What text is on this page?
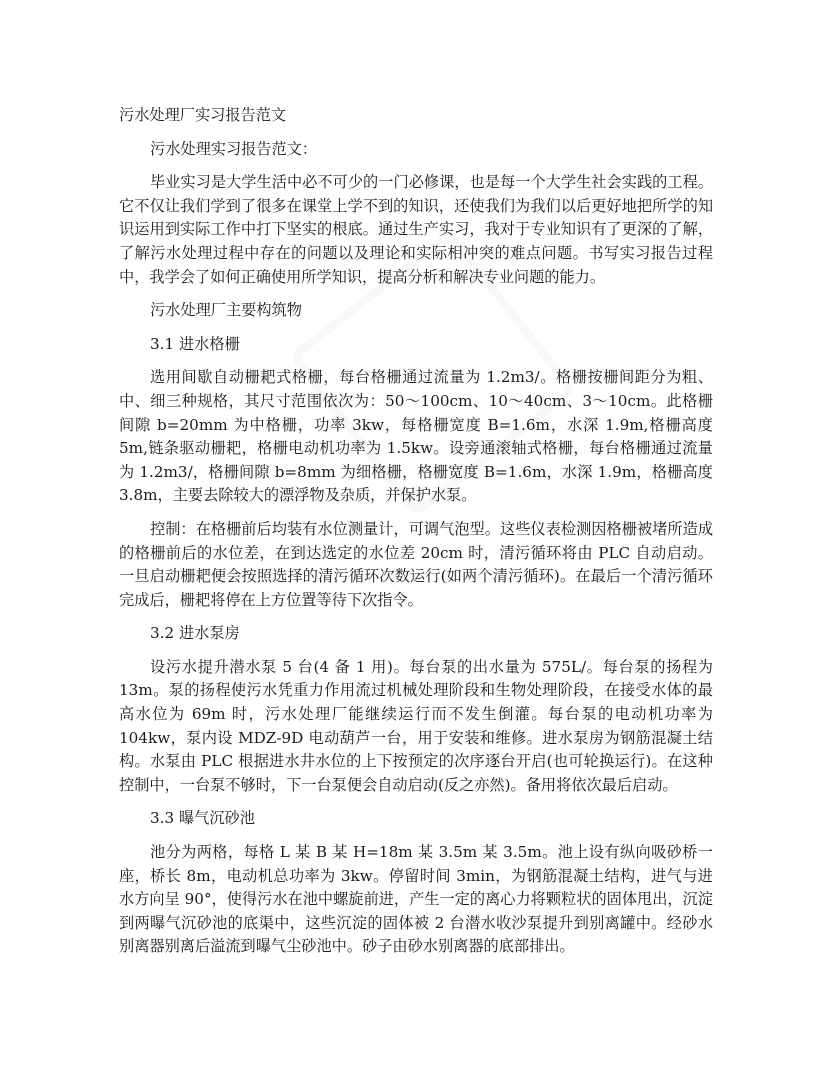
污水处理厂实习报告范文

污水处理实习报告范文：

毕业实习是大学生活中必不可少的一门必修课，也是每一个大学生社会实践的工程。它不仅让我们学到了很多在课堂上学不到的知识，还使我们为我们以后更好地把所学的知识运用到实际工作中打下坚实的根底。通过生产实习，我对于专业知识有了更深的了解，了解污水处理过程中存在的问题以及理论和实际相冲突的难点问题。书写实习报告过程中，我学会了如何正确使用所学知识，提高分析和解决专业问题的能力。

污水处理厂主要构筑物

3.1 进水格栅

选用间歇自动栅耙式格栅，每台格栅通过流量为 1.2m3/。格栅按栅间距分为粗、中、细三种规格，其尺寸范围依次为：50～100cm、10～40cm、3～10cm。此格栅间隙 b=20mm 为中格栅，功率 3kw，每格栅宽度 B=1.6m，水深 1.9m,格栅高度 5m,链条驱动栅耙，格栅电动机功率为 1.5kw。设旁通滚轴式格栅，每台格栅通过流量为 1.2m3/，格栅间隙 b=8mm 为细格栅，格栅宽度 B=1.6m，水深 1.9m，格栅高度 3.8m，主要去除较大的漂浮物及杂质，并保护水泵。

控制：在格栅前后均装有水位测量计，可调气泡型。这些仪表检测因格栅被堵所造成的格栅前后的水位差，在到达选定的水位差 20cm 时，清污循环将由 PLC 自动启动。一旦启动栅耙便会按照选择的清污循环次数运行(如两个清污循环)。在最后一个清污循环完成后，栅耙将停在上方位置等待下次指令。

3.2 进水泵房

设污水提升潜水泵 5 台(4 备 1 用)。每台泵的出水量为 575L/。每台泵的扬程为 13m。泵的扬程使污水凭重力作用流过机械处理阶段和生物处理阶段，在接受水体的最高水位为 69m 时，污水处理厂能继续运行而不发生倒灌。每台泵的电动机功率为 104kw，泵内设 MDZ-9D 电动葫芦一台，用于安装和维修。进水泵房为钢筋混凝土结构。水泵由 PLC 根据进水井水位的上下按预定的次序逐台开启(也可轮换运行)。在这种控制中，一台泵不够时，下一台泵便会自动启动(反之亦然)。备用将依次最后启动。

3.3 曝气沉砂池

池分为两格，每格 L 某 B 某 H=18m 某 3.5m 某 3.5m。池上设有纵向吸砂桥一座，桥长 8m，电动机总功率为 3kw。停留时间 3min，为钢筋混凝土结构，进气与进水方向呈 90°，使得污水在池中螺旋前进，产生一定的离心力将颗粒状的固体甩出，沉淀到两曝气沉砂池的底渠中，这些沉淀的固体被 2 台潜水收沙泵提升到别离罐中。经砂水别离器别离后溢流到曝气尘砂池中。砂子由砂水别离器的底部排出。
